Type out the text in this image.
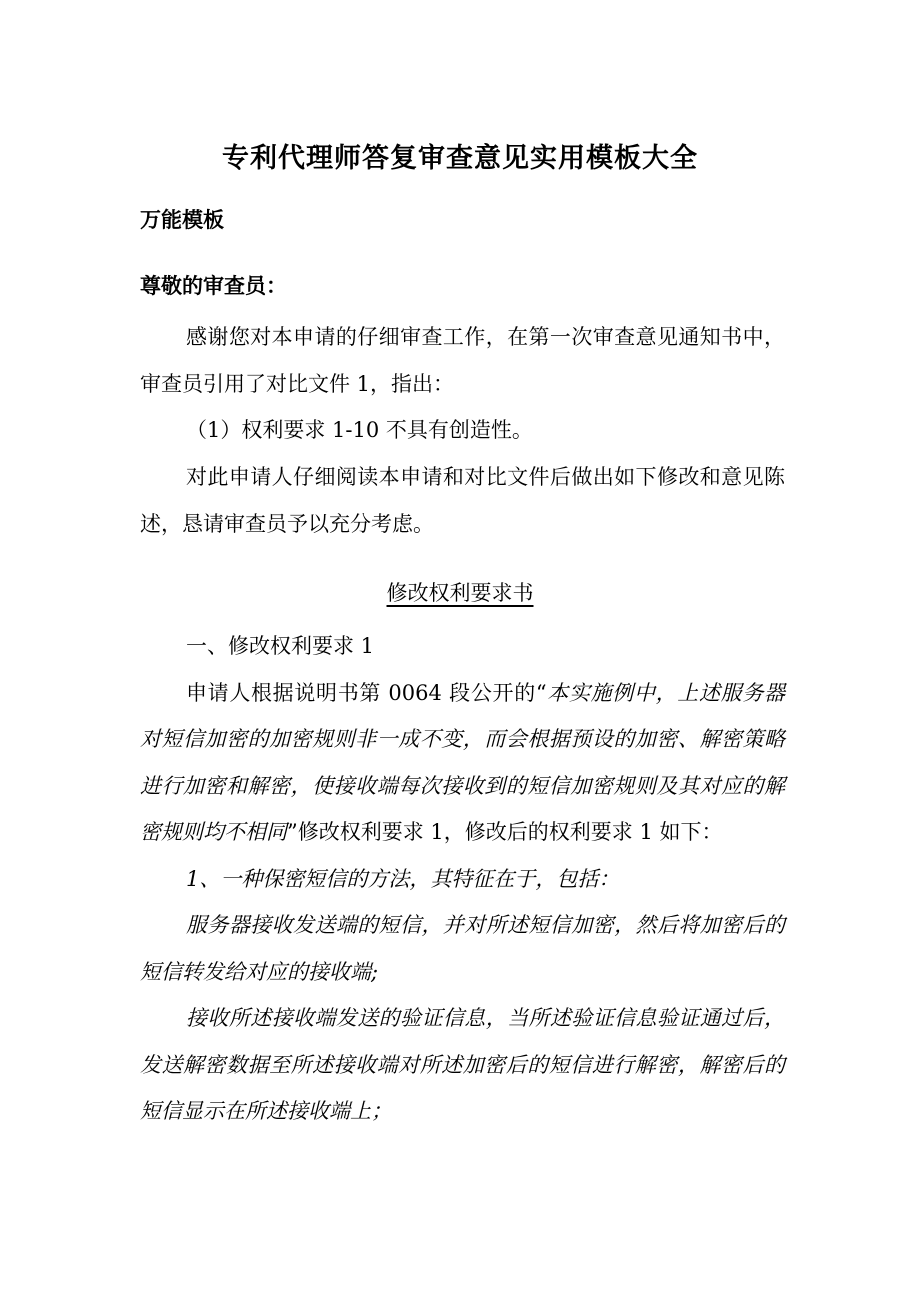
专利代理师答复审查意见实用模板大全
万能模板
尊敬的审查员：

感谢您对本申请的仔细审查工作，在第一次审查意见通知书中，审查员引用了对比文件 1，指出：

（1）权利要求 1-10 不具有创造性。

对此申请人仔细阅读本申请和对比文件后做出如下修改和意见陈述，恳请审查员予以充分考虑。

修改权利要求书

一、修改权利要求 1

申请人根据说明书第 0064 段公开的“本实施例中，上述服务器对短信加密的加密规则非一成不变，而会根据预设的加密、解密策略进行加密和解密，使接收端每次接收到的短信加密规则及其对应的解密规则均不相同”修改权利要求 1，修改后的权利要求 1 如下：

1、一种保密短信的方法，其特征在于，包括：

服务器接收发送端的短信，并对所述短信加密，然后将加密后的短信转发给对应的接收端;

接收所述接收端发送的验证信息，当所述验证信息验证通过后，发送解密数据至所述接收端对所述加密后的短信进行解密，解密后的短信显示在所述接收端上；
